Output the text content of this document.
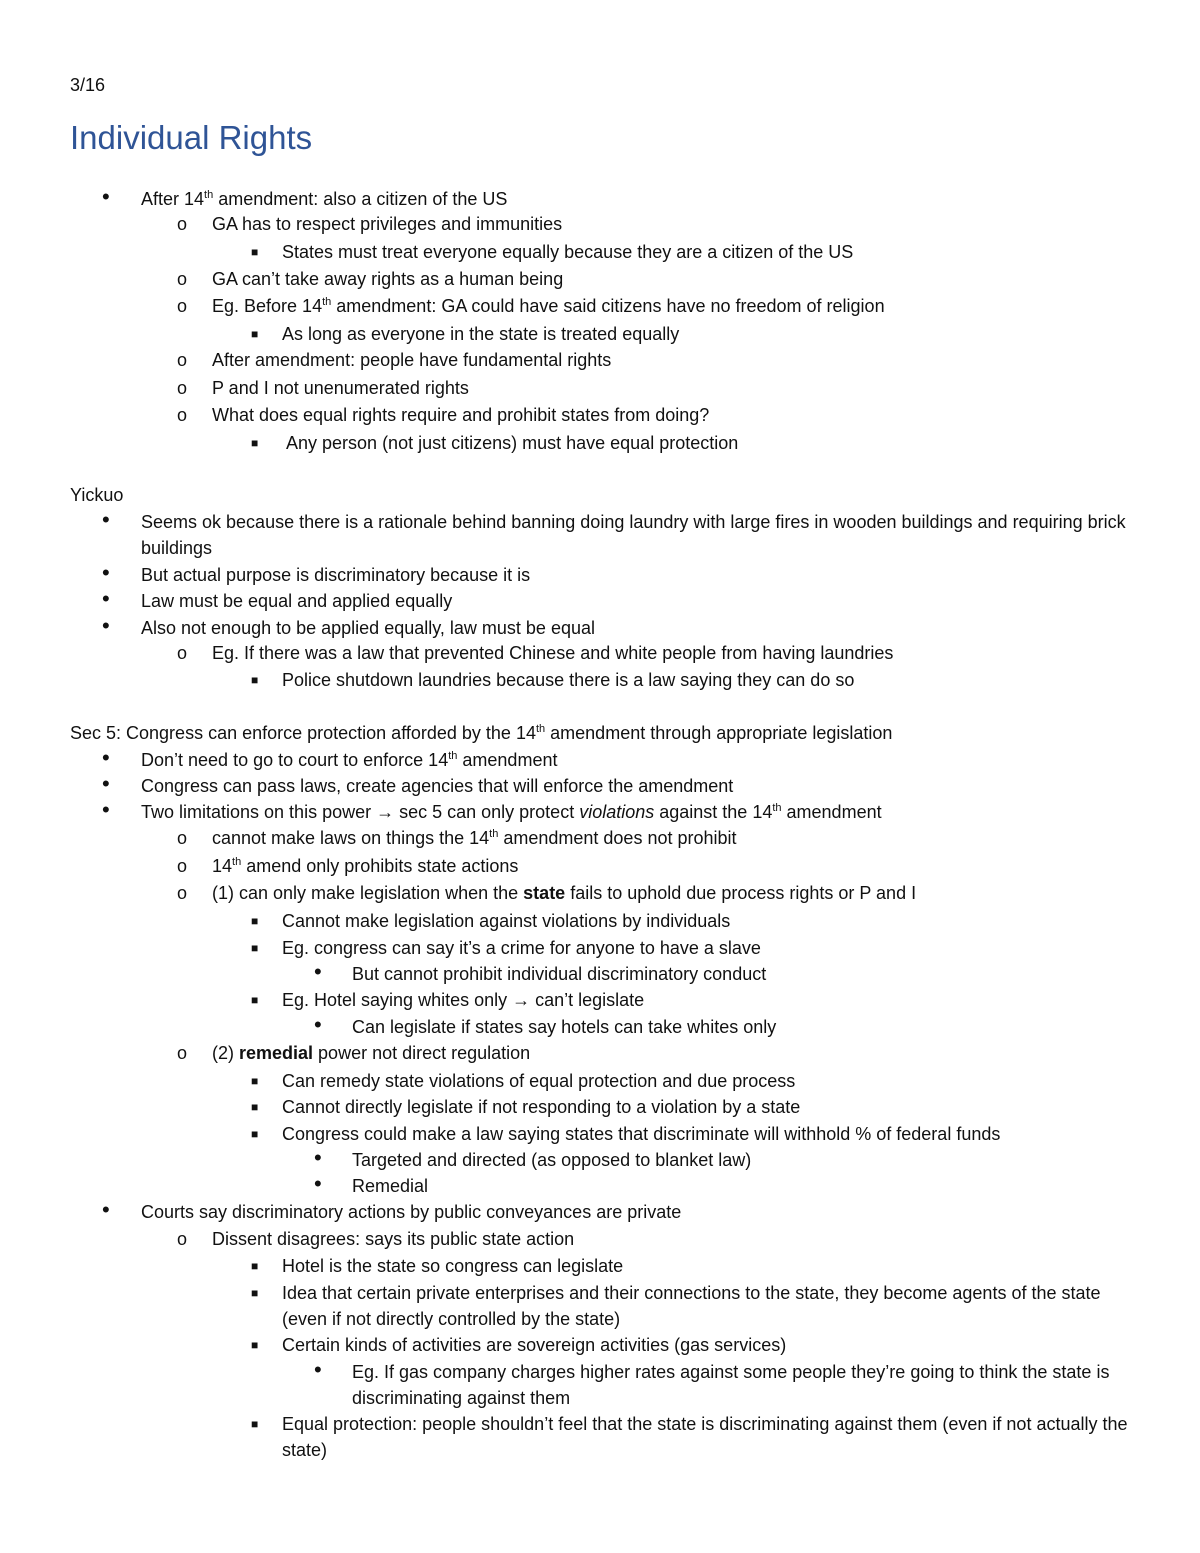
3/16
Individual Rights
• After 14th amendment: also a citizen of the US
o GA has to respect privileges and immunities
■ States must treat everyone equally because they are a citizen of the US
o GA can’t take away rights as a human being
o Eg. Before 14th amendment: GA could have said citizens have no freedom of religion
■ As long as everyone in the state is treated equally
o After amendment: people have fundamental rights
o P and I not unenumerated rights
o What does equal rights require and prohibit states from doing?
■ Any person (not just citizens) must have equal protection
Yickuo
• Seems ok because there is a rationale behind banning doing laundry with large fires in wooden buildings and requiring brick buildings
• But actual purpose is discriminatory because it is
• Law must be equal and applied equally
• Also not enough to be applied equally, law must be equal
o Eg. If there was a law that prevented Chinese and white people from having laundries
■ Police shutdown laundries because there is a law saying they can do so
Sec 5: Congress can enforce protection afforded by the 14th amendment through appropriate legislation
• Don’t need to go to court to enforce 14th amendment
• Congress can pass laws, create agencies that will enforce the amendment
• Two limitations on this power → sec 5 can only protect violations against the 14th amendment
o cannot make laws on things the 14th amendment does not prohibit
o 14th amend only prohibits state actions
o (1) can only make legislation when the state fails to uphold due process rights or P and I
■ Cannot make legislation against violations by individuals
■ Eg. congress can say it’s a crime for anyone to have a slave
• But cannot prohibit individual discriminatory conduct
■ Eg. Hotel saying whites only → can’t legislate
• Can legislate if states say hotels can take whites only
o (2) remedial power not direct regulation
■ Can remedy state violations of equal protection and due process
■ Cannot directly legislate if not responding to a violation by a state
■ Congress could make a law saying states that discriminate will withhold % of federal funds
• Targeted and directed (as opposed to blanket law)
• Remedial
• Courts say discriminatory actions by public conveyances are private
o Dissent disagrees: says its public state action
■ Hotel is the state so congress can legislate
■ Idea that certain private enterprises and their connections to the state, they become agents of the state (even if not directly controlled by the state)
■ Certain kinds of activities are sovereign activities (gas services)
• Eg. If gas company charges higher rates against some people they’re going to think the state is discriminating against them
■ Equal protection: people shouldn’t feel that the state is discriminating against them (even if not actually the state)
